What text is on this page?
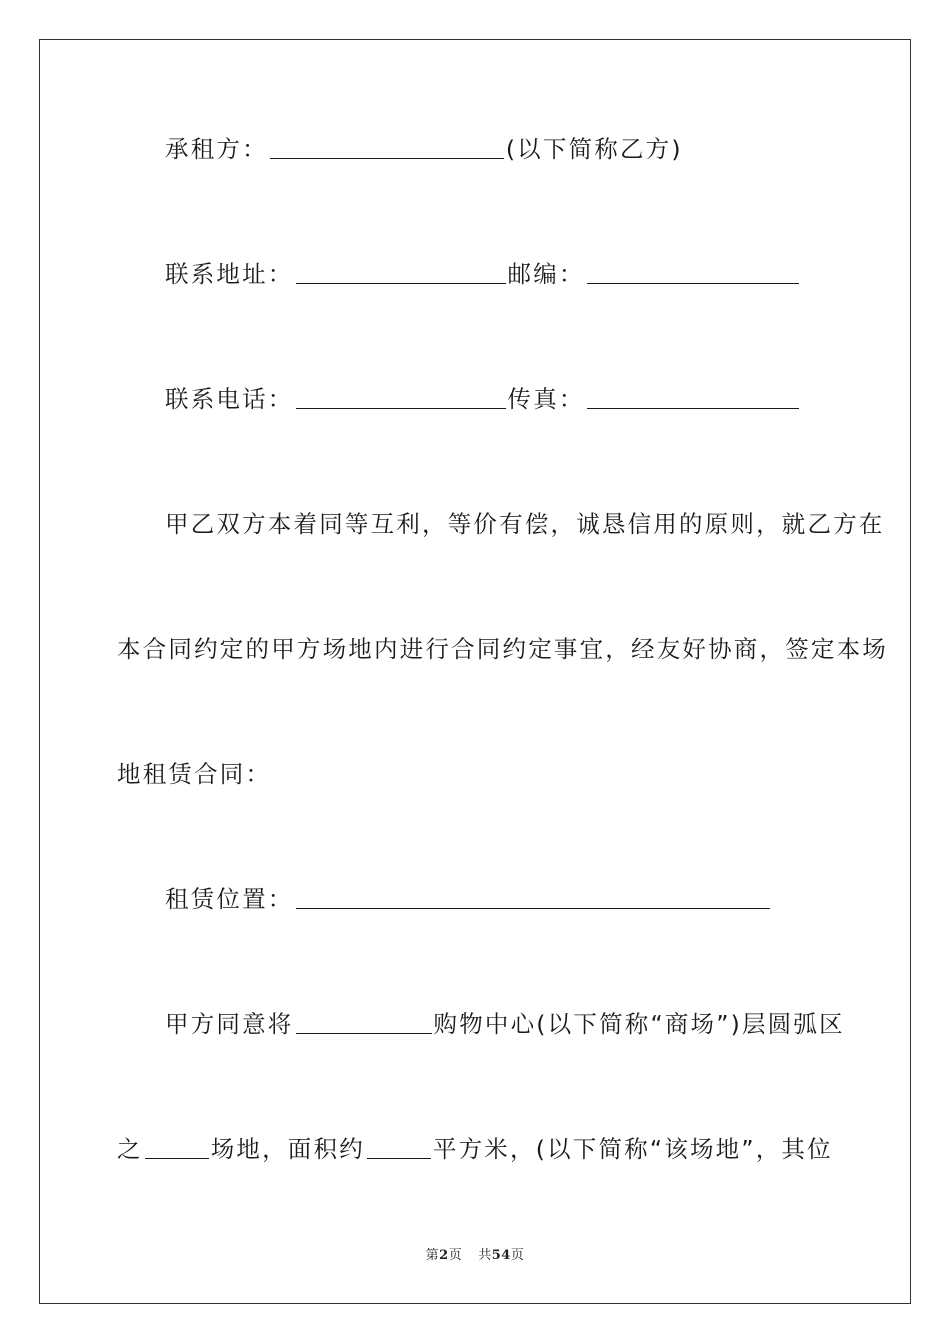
承租方：	(以下简称乙方)
联系地址：	邮编：
联系电话：	传真：
甲乙双方本着同等互利，等价有偿，诚恳信用的原则，就乙方在
本合同约定的甲方场地内进行合同约定事宜，经友好协商，签定本场
地租赁合同：
租赁位置：
甲方同意将	购物中心(以下简称“商场”)层圆弧区
之	场地，面积约	平方米，(以下简称“该场地”，其位
第2页 共54页
